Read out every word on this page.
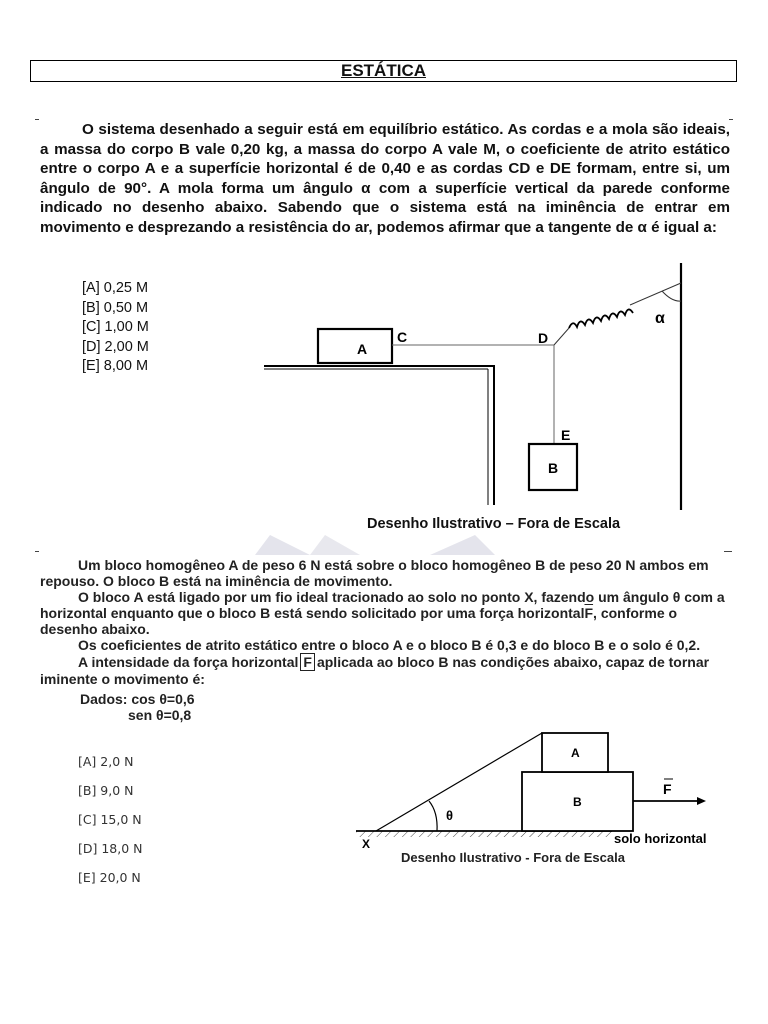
ESTÁTICA
O sistema desenhado a seguir está em equilíbrio estático. As cordas e a mola são ideais, a massa do corpo B vale 0,20 kg, a massa do corpo A vale M, o coeficiente de atrito estático entre o corpo A e a superfície horizontal é de 0,40 e as cordas CD e DE formam, entre si, um ângulo de 90°. A mola forma um ângulo α com a superfície vertical da parede conforme indicado no desenho abaixo. Sabendo que o sistema está na iminência de entrar em movimento e desprezando a resistência do ar, podemos afirmar que a tangente de α é igual a:
[A] 0,25 M
[B] 0,50 M
[C] 1,00 M
[D] 2,00 M
[E] 8,00 M
A
C	D
E
B
α
Desenho Ilustrativo – Fora de Escala

Um bloco homogêneo A de peso 6 N está sobre o bloco homogêneo B de peso 20 N ambos em repouso. O bloco B está na iminência de movimento.

O bloco A está ligado por um fio ideal tracionado ao solo no ponto X, fazendo um ângulo θ com a horizontal enquanto que o bloco B está sendo solicitado por uma força $horizontal\overline{F}$, conforme o desenho abaixo.

Os coeficientes de atrito estático entre o bloco A e o bloco B é 0,3 e do bloco B e o solo é 0,2.

A intensidade da força horizontal $\overline{F}$ aplicada ao bloco B nas condições abaixo, capaz de tornar iminente o movimento é:

Dados: cos θ=0,6
sen θ=0,8
[A] 2,0 N
[B] 9,0 N
[C] 15,0 N
[D] 18,0 N
[E] 20,0 N
A
B
F
θ
X	solo horizontal
Desenho Ilustrativo - Fora de Escala
